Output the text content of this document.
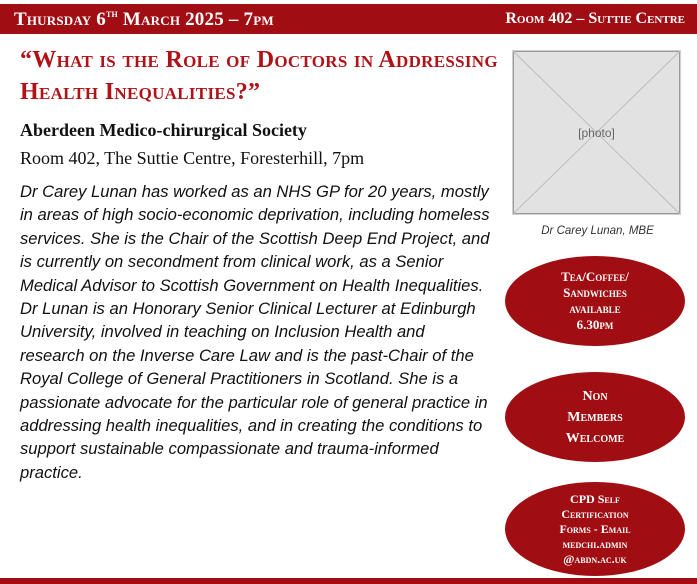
Thursday 6th March 2025 – 7pm	Room 402 – Suttie Centre
“What is the Role of Doctors in Addressing Health Inequalities?”
Aberdeen Medico-chirurgical Society
Room 402, The Suttie Centre, Foresterhill, 7pm

Dr Carey Lunan has worked as an NHS GP for 20 years, mostly in areas of high socio-economic deprivation, including homeless services. She is the Chair of the Scottish Deep End Project, and is currently on secondment from clinical work, as a Senior Medical Advisor to Scottish Government on Health Inequalities. Dr Lunan is an Honorary Senior Clinical Lecturer at Edinburgh University, involved in teaching on Inclusion Health and research on the Inverse Care Law and is the past-Chair of the Royal College of General Practitioners in Scotland. She is a passionate advocate for the particular role of general practice in addressing health inequalities, and in creating the conditions to support sustainable compassionate and trauma-informed practice.

[photo]
Dr Carey Lunan, MBE
Tea/Coffee/
Sandwiches
available
6.30pm
Non
Members
Welcome
CPD Self
Certification
Forms - Email
medchi.admin
@abdn.ac.uk
